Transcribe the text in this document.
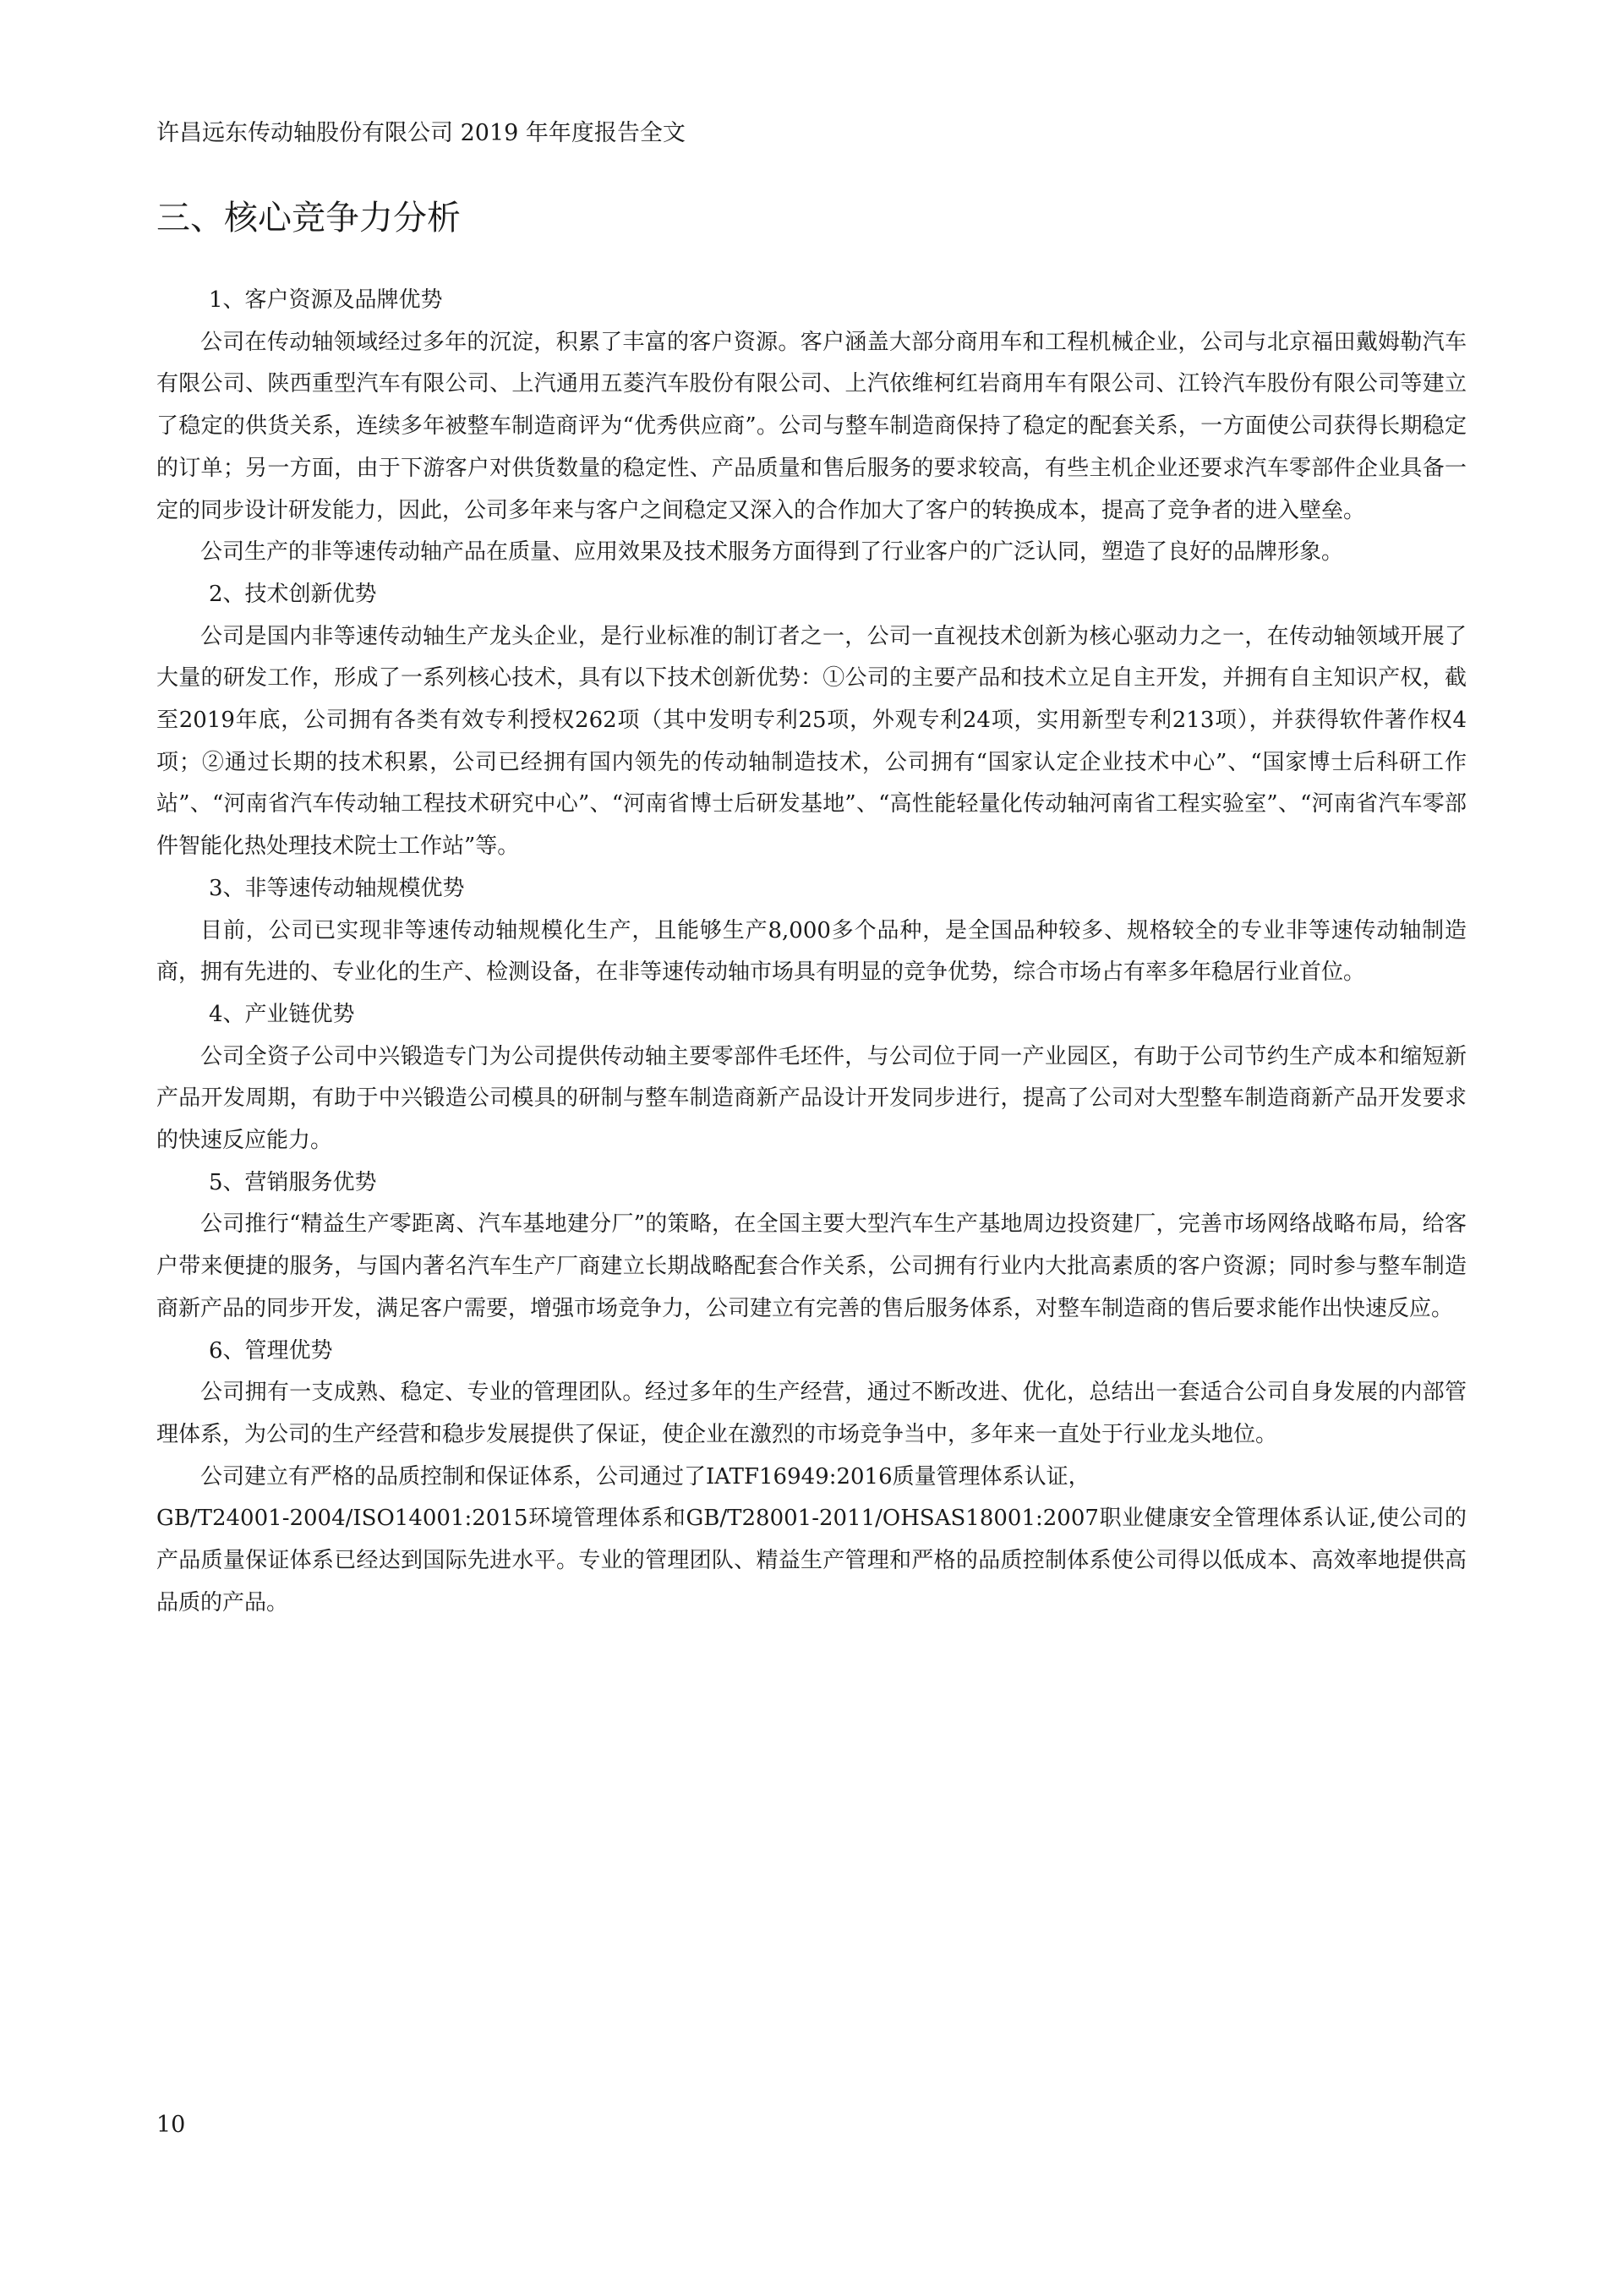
许昌远东传动轴股份有限公司 2019 年年度报告全文
三、核心竞争力分析

1、客户资源及品牌优势

公司在传动轴领域经过多年的沉淀，积累了丰富的客户资源。客户涵盖大部分商用车和工程机械企业，公司与北京福田戴姆勒汽车有限公司、陕西重型汽车有限公司、上汽通用五菱汽车股份有限公司、上汽依维柯红岩商用车有限公司、江铃汽车股份有限公司等建立了稳定的供货关系，连续多年被整车制造商评为“优秀供应商”。公司与整车制造商保持了稳定的配套关系，一方面使公司获得长期稳定的订单；另一方面，由于下游客户对供货数量的稳定性、产品质量和售后服务的要求较高，有些主机企业还要求汽车零部件企业具备一定的同步设计研发能力，因此，公司多年来与客户之间稳定又深入的合作加大了客户的转换成本，提高了竞争者的进入壁垒。

公司生产的非等速传动轴产品在质量、应用效果及技术服务方面得到了行业客户的广泛认同，塑造了良好的品牌形象。

2、技术创新优势

公司是国内非等速传动轴生产龙头企业，是行业标准的制订者之一，公司一直视技术创新为核心驱动力之一，在传动轴领域开展了大量的研发工作，形成了一系列核心技术，具有以下技术创新优势：①公司的主要产品和技术立足自主开发，并拥有自主知识产权，截至2019年底，公司拥有各类有效专利授权262项（其中发明专利25项，外观专利24项，实用新型专利213项），并获得软件著作权4项；②通过长期的技术积累，公司已经拥有国内领先的传动轴制造技术，公司拥有“国家认定企业技术中心”、“国家博士后科研工作站”、“河南省汽车传动轴工程技术研究中心”、“河南省博士后研发基地”、“高性能轻量化传动轴河南省工程实验室”、“河南省汽车零部件智能化热处理技术院士工作站”等。

3、非等速传动轴规模优势

目前，公司已实现非等速传动轴规模化生产，且能够生产8,000多个品种，是全国品种较多、规格较全的专业非等速传动轴制造商，拥有先进的、专业化的生产、检测设备，在非等速传动轴市场具有明显的竞争优势，综合市场占有率多年稳居行业首位。

4、产业链优势

公司全资子公司中兴锻造专门为公司提供传动轴主要零部件毛坯件，与公司位于同一产业园区，有助于公司节约生产成本和缩短新产品开发周期，有助于中兴锻造公司模具的研制与整车制造商新产品设计开发同步进行，提高了公司对大型整车制造商新产品开发要求的快速反应能力。

5、营销服务优势

公司推行“精益生产零距离、汽车基地建分厂”的策略，在全国主要大型汽车生产基地周边投资建厂，完善市场网络战略布局，给客户带来便捷的服务，与国内著名汽车生产厂商建立长期战略配套合作关系，公司拥有行业内大批高素质的客户资源；同时参与整车制造商新产品的同步开发，满足客户需要，增强市场竞争力，公司建立有完善的售后服务体系，对整车制造商的售后要求能作出快速反应。

6、管理优势

公司拥有一支成熟、稳定、专业的管理团队。经过多年的生产经营，通过不断改进、优化，总结出一套适合公司自身发展的内部管理体系，为公司的生产经营和稳步发展提供了保证，使企业在激烈的市场竞争当中，多年来一直处于行业龙头地位。

公司建立有严格的品质控制和保证体系，公司通过了IATF16949:2016质量管理体系认证，

GB/T24001-2004/ISO14001:2015环境管理体系和GB/T28001-2011/OHSAS18001:2007职业健康安全管理体系认证,使公司的产品质量保证体系已经达到国际先进水平。专业的管理团队、精益生产管理和严格的品质控制体系使公司得以低成本、高效率地提供高品质的产品。

10
